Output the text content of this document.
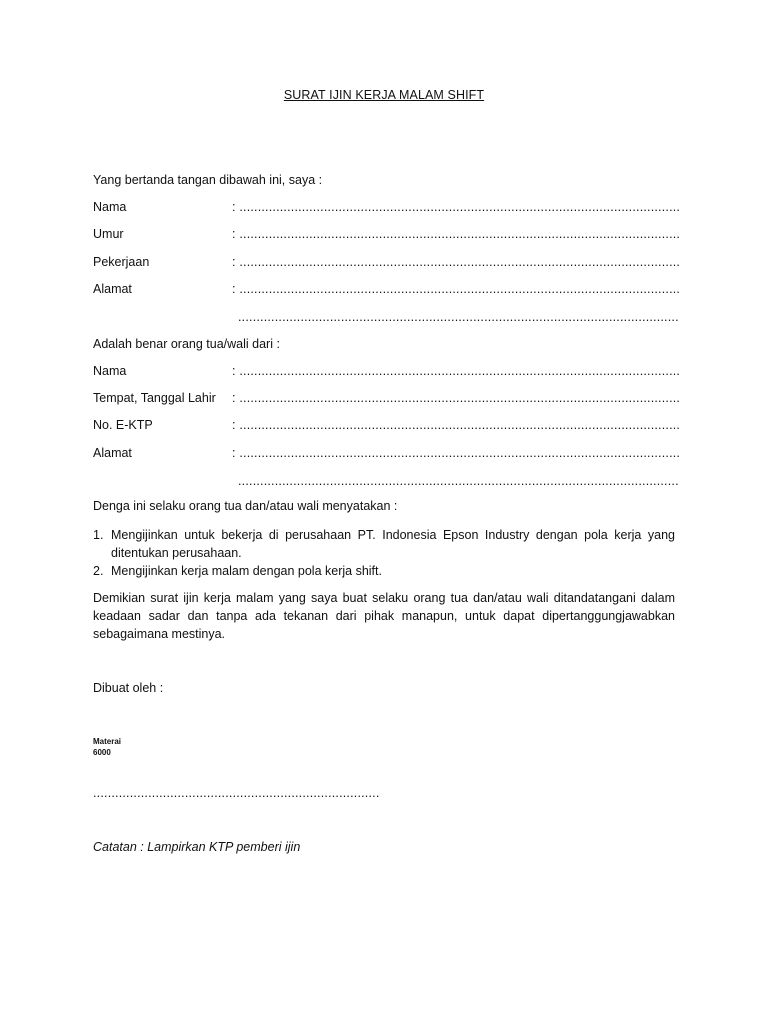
SURAT IJIN KERJA MALAM SHIFT
Yang bertanda tangan dibawah ini, saya :
Nama	: ........................................................................................................................
Umur	: ........................................................................................................................
Pekerjaan	: ........................................................................................................................
Alamat	: ........................................................................................................................
........................................................................................................................
Adalah benar orang tua/wali dari :
Nama	: ........................................................................................................................
Tempat, Tanggal Lahir : ........................................................................................................................
No. E-KTP	: ........................................................................................................................
Alamat	: ........................................................................................................................
........................................................................................................................
Denga ini selaku orang tua dan/atau wali menyatakan :
1. Mengijinkan untuk bekerja di perusahaan PT. Indonesia Epson Industry dengan pola kerja yang ditentukan perusahaan.
2. Mengijinkan kerja malam dengan pola kerja shift.
Demikian surat ijin kerja malam yang saya buat selaku orang tua dan/atau wali ditandatangani dalam keadaan sadar dan tanpa ada tekanan dari pihak manapun, untuk dapat dipertanggungjawabkan sebagaimana mestinya.
Dibuat oleh :
Materai
6000
..............................................................................
Catatan : Lampirkan KTP pemberi ijin
